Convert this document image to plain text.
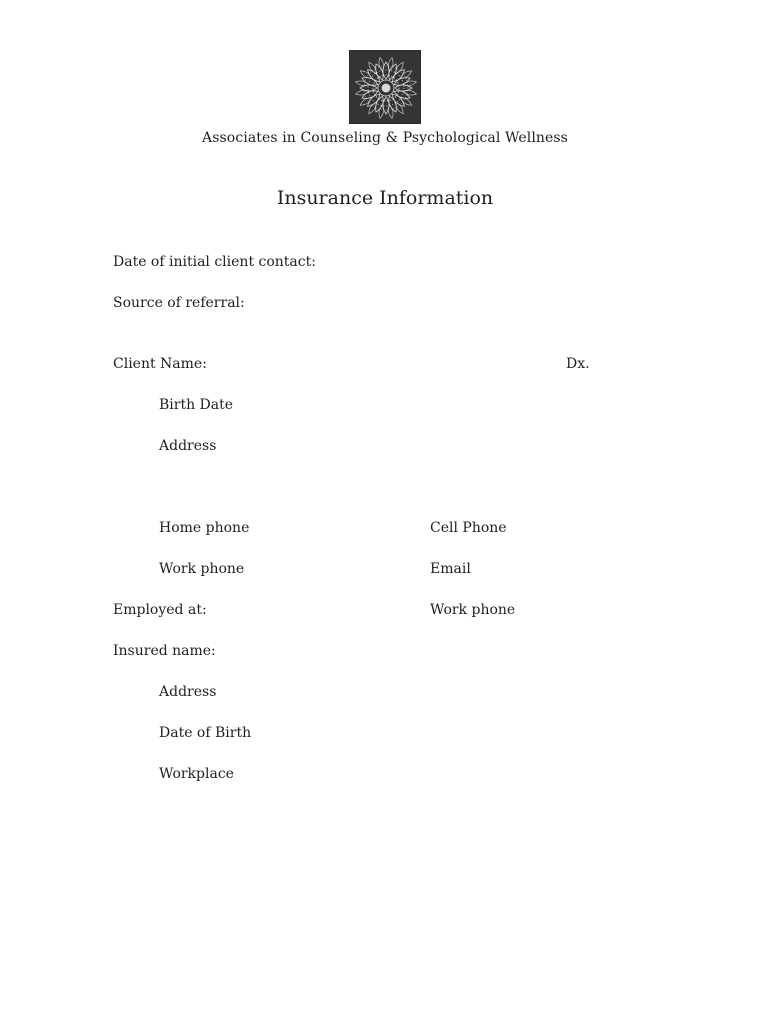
Associates in Counseling & Psychological Wellness
Insurance Information
Date of initial client contact:
Source of referral:
Client Name:	Dx.
Birth Date
Address
Home phone	Cell Phone
Work phone	Email
Employed at:	Work phone
Insured name:
Address
Date of Birth
Workplace
